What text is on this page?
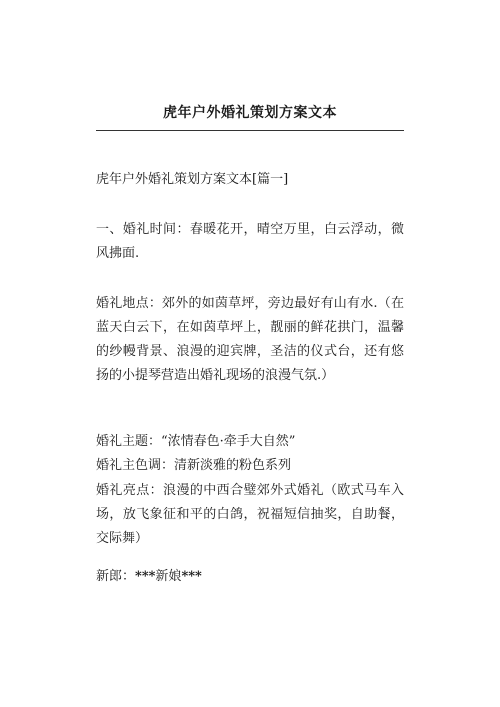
虎年户外婚礼策划方案文本
虎年户外婚礼策划方案文本[篇一]
一、婚礼时间：春暖花开，晴空万里，白云浮动，微风拂面.
婚礼地点：郊外的如茵草坪，旁边最好有山有水.（在蓝天白云下，在如茵草坪上，靓丽的鲜花拱门，温馨的纱幔背景、浪漫的迎宾牌，圣洁的仪式台，还有悠扬的小提琴营造出婚礼现场的浪漫气氛.）
婚礼主题：“浓情春色·牵手大自然”
婚礼主色调：清新淡雅的粉色系列
婚礼亮点：浪漫的中西合璧郊外式婚礼（欧式马车入场，放飞象征和平的白鸽，祝福短信抽奖，自助餐，交际舞）
新郎：***新娘***
